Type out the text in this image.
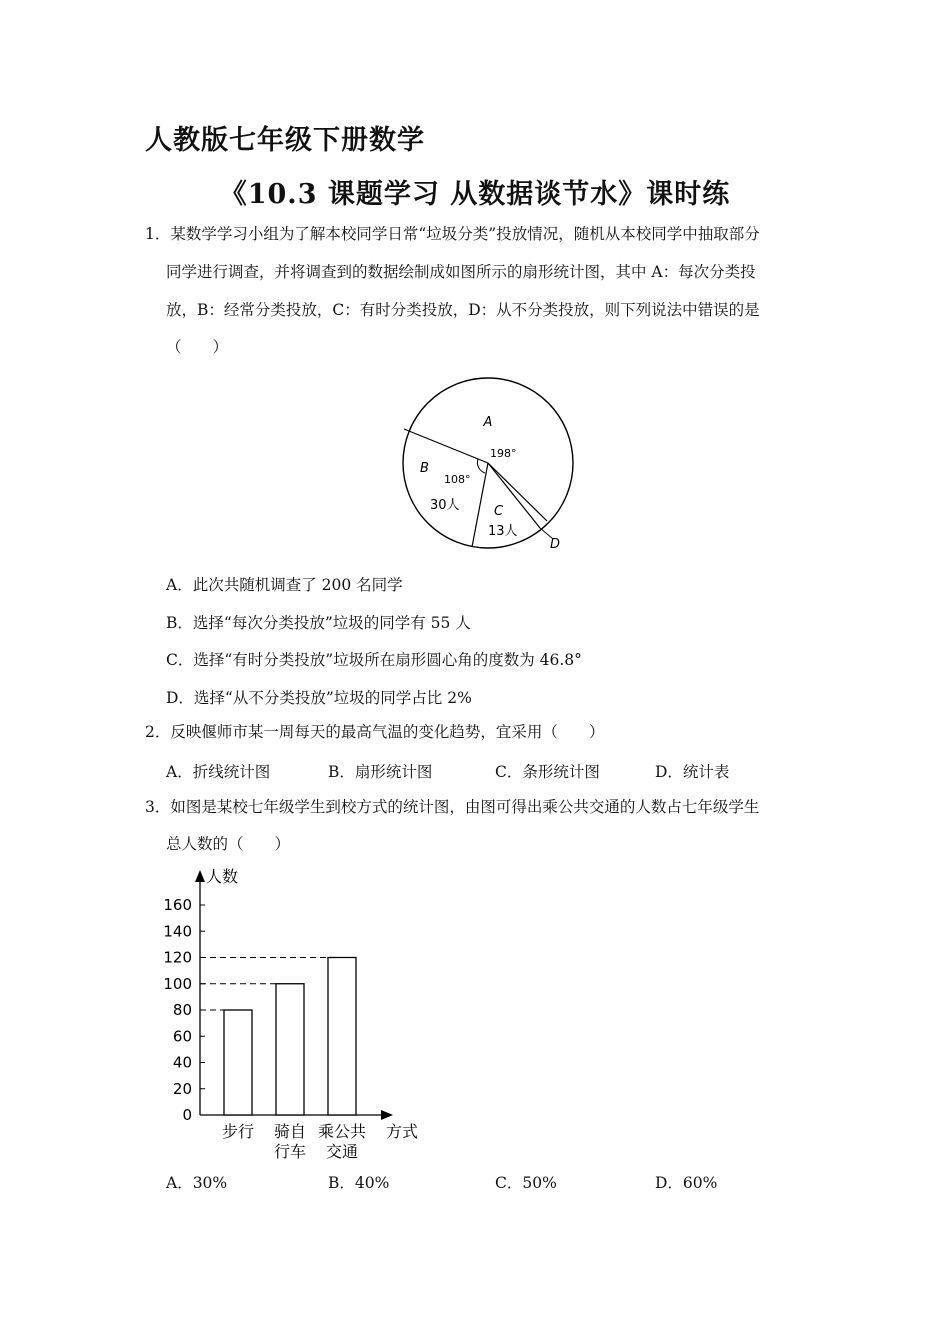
人教版七年级下册数学
《10.3 课题学习 从数据谈节水》课时练
1．某数学学习小组为了解本校同学日常“垃圾分类”投放情况，随机从本校同学中抽取部分
同学进行调查，并将调查到的数据绘制成如图所示的扇形统计图，其中 A：每次分类投
放，B：经常分类投放，C：有时分类投放，D：从不分类投放，则下列说法中错误的是
（　　）
A
198°
B
108°
30人	C
13人
D
A．此次共随机调查了 200 名同学
B．选择“每次分类投放”垃圾的同学有 55 人
C．选择“有时分类投放”垃圾所在扇形圆心角的度数为 46.8°
D．选择“从不分类投放”垃圾的同学占比 2%
2．反映偃师市某一周每天的最高气温的变化趋势，宜采用（　　）
A．折线统计图	B．扇形统计图	C．条形统计图	D．统计表
3．如图是某校七年级学生到校方式的统计图，由图可得出乘公共交通的人数占七年级学生
总人数的（　　）
人数
方式
0
20
40
60
80
100
120
140
160
步行 骑自
行车
乘公共
交通
A．30%	B．40%	C．50%	D．60%
